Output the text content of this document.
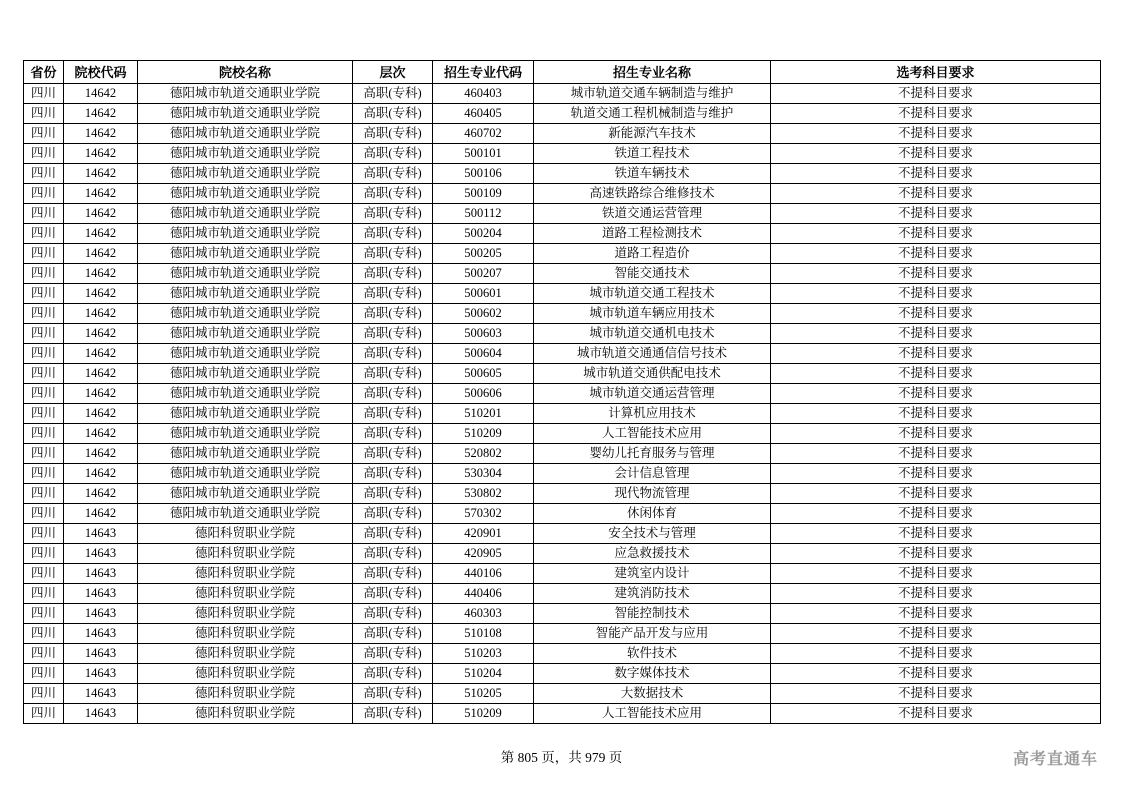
省份	院校代码	院校名称	层次	招生专业代码	招生专业名称	选考科目要求
四川	14642	德阳城市轨道交通职业学院	高职(专科)	460403	城市轨道交通车辆制造与维护	不提科目要求
四川	14642	德阳城市轨道交通职业学院	高职(专科)	460405	轨道交通工程机械制造与维护	不提科目要求
四川	14642	德阳城市轨道交通职业学院	高职(专科)	460702	新能源汽车技术	不提科目要求
四川	14642	德阳城市轨道交通职业学院	高职(专科)	500101	铁道工程技术	不提科目要求
四川	14642	德阳城市轨道交通职业学院	高职(专科)	500106	铁道车辆技术	不提科目要求
四川	14642	德阳城市轨道交通职业学院	高职(专科)	500109	高速铁路综合维修技术	不提科目要求
四川	14642	德阳城市轨道交通职业学院	高职(专科)	500112	铁道交通运营管理	不提科目要求
四川	14642	德阳城市轨道交通职业学院	高职(专科)	500204	道路工程检测技术	不提科目要求
四川	14642	德阳城市轨道交通职业学院	高职(专科)	500205	道路工程造价	不提科目要求
四川	14642	德阳城市轨道交通职业学院	高职(专科)	500207	智能交通技术	不提科目要求
四川	14642	德阳城市轨道交通职业学院	高职(专科)	500601	城市轨道交通工程技术	不提科目要求
四川	14642	德阳城市轨道交通职业学院	高职(专科)	500602	城市轨道车辆应用技术	不提科目要求
四川	14642	德阳城市轨道交通职业学院	高职(专科)	500603	城市轨道交通机电技术	不提科目要求
四川	14642	德阳城市轨道交通职业学院	高职(专科)	500604	城市轨道交通通信信号技术	不提科目要求
四川	14642	德阳城市轨道交通职业学院	高职(专科)	500605	城市轨道交通供配电技术	不提科目要求
四川	14642	德阳城市轨道交通职业学院	高职(专科)	500606	城市轨道交通运营管理	不提科目要求
四川	14642	德阳城市轨道交通职业学院	高职(专科)	510201	计算机应用技术	不提科目要求
四川	14642	德阳城市轨道交通职业学院	高职(专科)	510209	人工智能技术应用	不提科目要求
四川	14642	德阳城市轨道交通职业学院	高职(专科)	520802	婴幼儿托育服务与管理	不提科目要求
四川	14642	德阳城市轨道交通职业学院	高职(专科)	530304	会计信息管理	不提科目要求
四川	14642	德阳城市轨道交通职业学院	高职(专科)	530802	现代物流管理	不提科目要求
四川	14642	德阳城市轨道交通职业学院	高职(专科)	570302	休闲体育	不提科目要求
四川	14643	德阳科贸职业学院	高职(专科)	420901	安全技术与管理	不提科目要求
四川	14643	德阳科贸职业学院	高职(专科)	420905	应急救援技术	不提科目要求
四川	14643	德阳科贸职业学院	高职(专科)	440106	建筑室内设计	不提科目要求
四川	14643	德阳科贸职业学院	高职(专科)	440406	建筑消防技术	不提科目要求
四川	14643	德阳科贸职业学院	高职(专科)	460303	智能控制技术	不提科目要求
四川	14643	德阳科贸职业学院	高职(专科)	510108	智能产品开发与应用	不提科目要求
四川	14643	德阳科贸职业学院	高职(专科)	510203	软件技术	不提科目要求
四川	14643	德阳科贸职业学院	高职(专科)	510204	数字媒体技术	不提科目要求
四川	14643	德阳科贸职业学院	高职(专科)	510205	大数据技术	不提科目要求
四川	14643	德阳科贸职业学院	高职(专科)	510209	人工智能技术应用	不提科目要求
第 805 页，共 979 页	高考直通车
